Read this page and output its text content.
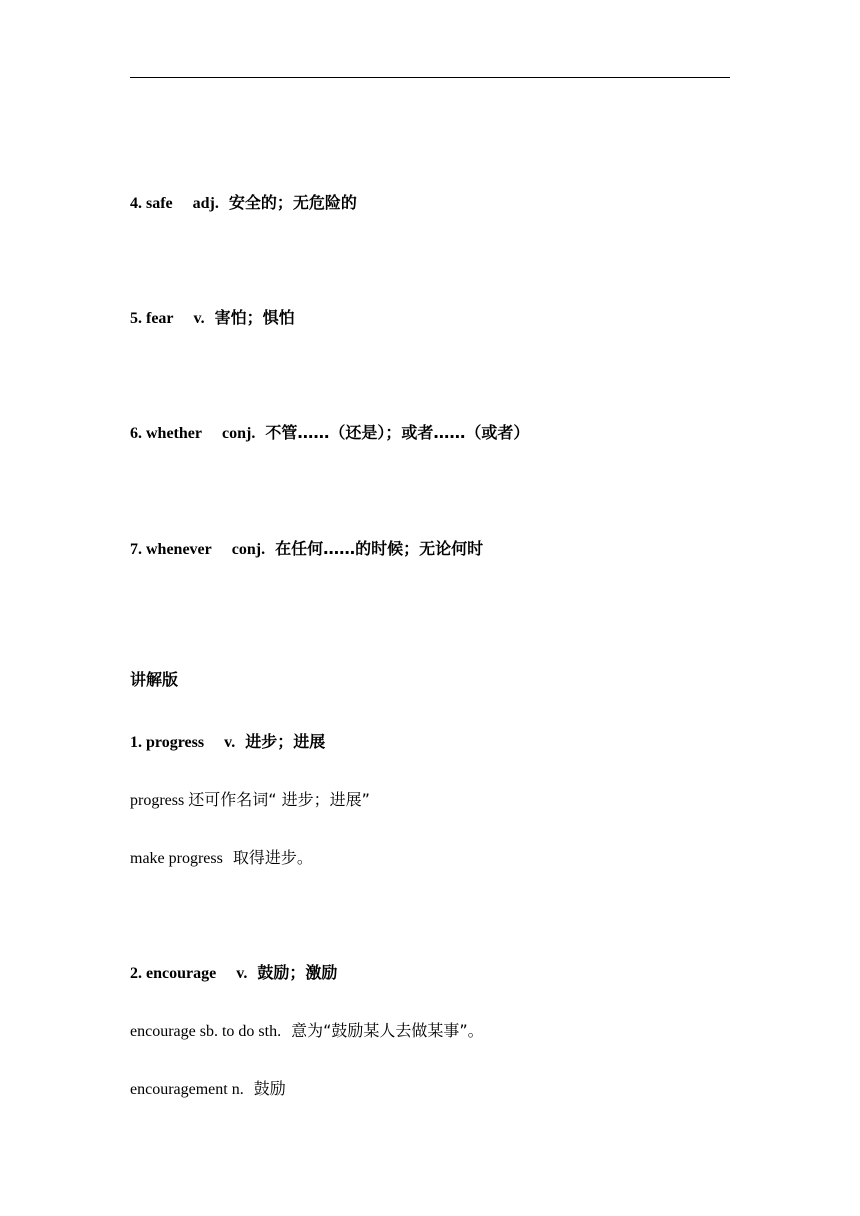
4. safe adj. 安全的；无危险的
5. fear v. 害怕；惧怕
6. whether conj. 不管……（还是）；或者……（或者）
7. whenever conj. 在任何……的时候；无论何时
讲解版
1. progress v. 进步；进展
progress 还可作名词“ 进步；进展”
make progress 取得进步。
2. encourage v. 鼓励；激励
encourage sb. to do sth. 意为“鼓励某人去做某事”。
encouragement n. 鼓励
